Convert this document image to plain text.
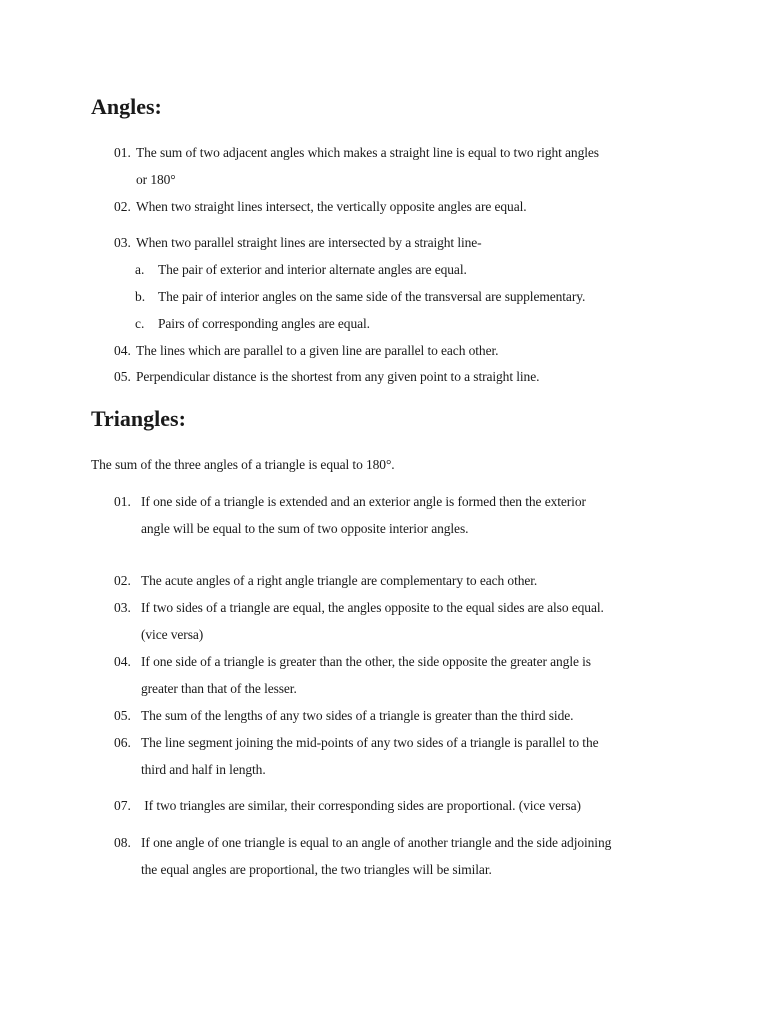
Angles:
01. The sum of two adjacent angles which makes a straight line is equal to two right angles
or 180°
02. When two straight lines intersect, the vertically opposite angles are equal.
03. When two parallel straight lines are intersected by a straight line-
a. The pair of exterior and interior alternate angles are equal.
b. The pair of interior angles on the same side of the transversal are supplementary.
c. Pairs of corresponding angles are equal.
04. The lines which are parallel to a given line are parallel to each other.
05. Perpendicular distance is the shortest from any given point to a straight line.
Triangles:
The sum of the three angles of a triangle is equal to 180°.
01. If one side of a triangle is extended and an exterior angle is formed then the exterior
angle will be equal to the sum of two opposite interior angles.
02. The acute angles of a right angle triangle are complementary to each other.
03. If two sides of a triangle are equal, the angles opposite to the equal sides are also equal.
(vice versa)
04. If one side of a triangle is greater than the other, the side opposite the greater angle is
greater than that of the lesser.
05. The sum of the lengths of any two sides of a triangle is greater than the third side.
06. The line segment joining the mid-points of any two sides of a triangle is parallel to the
third and half in length.
07. If two triangles are similar, their corresponding sides are proportional. (vice versa)
08. If one angle of one triangle is equal to an angle of another triangle and the side adjoining
the equal angles are proportional, the two triangles will be similar.
